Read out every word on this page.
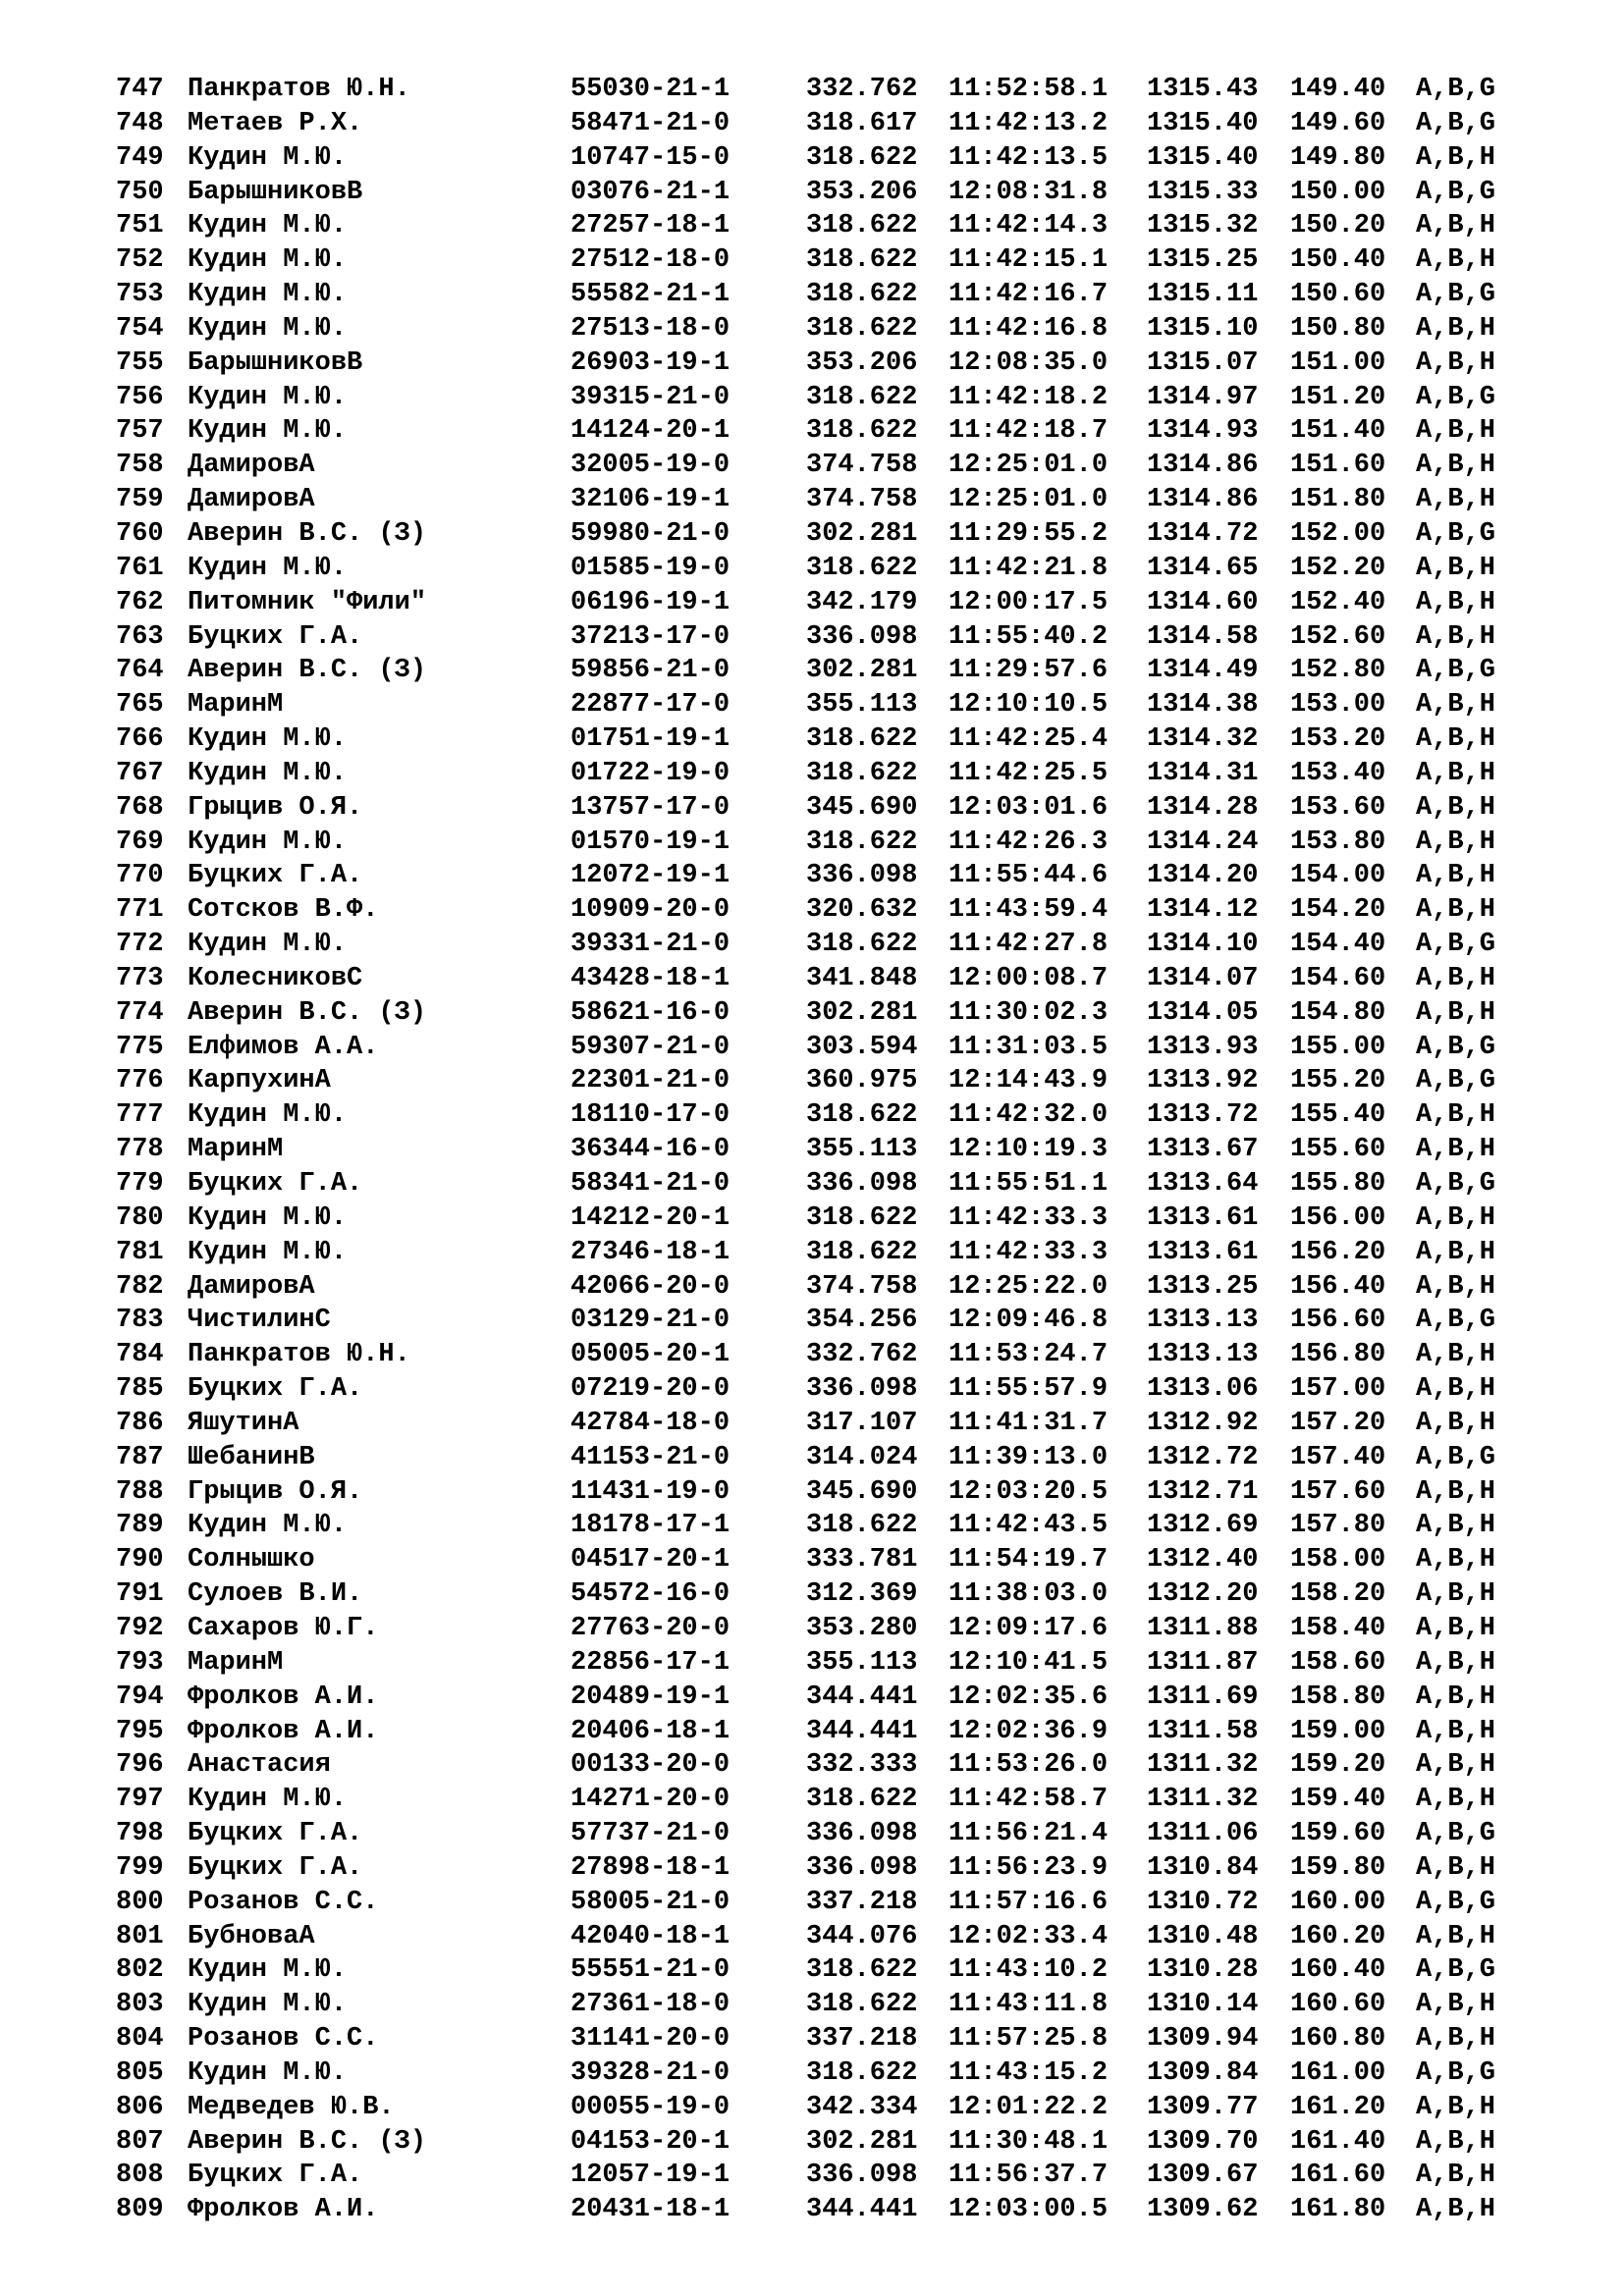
747 Панкратов Ю.Н.	55030-21-1	332.762 11:52:58.1 1315.43 149.40 A,B,G
748 Метаев Р.Х.	58471-21-0	318.617 11:42:13.2 1315.40 149.60 A,B,G
749 Кудин М.Ю.	10747-15-0	318.622 11:42:13.5 1315.40 149.80 A,B,H
750 БарышниковВ	03076-21-1	353.206 12:08:31.8 1315.33 150.00 A,B,G
751 Кудин М.Ю.	27257-18-1	318.622 11:42:14.3 1315.32 150.20 A,B,H
752 Кудин М.Ю.	27512-18-0	318.622 11:42:15.1 1315.25 150.40 A,B,H
753 Кудин М.Ю.	55582-21-1	318.622 11:42:16.7 1315.11 150.60 A,B,G
754 Кудин М.Ю.	27513-18-0	318.622 11:42:16.8 1315.10 150.80 A,B,H
755 БарышниковВ	26903-19-1	353.206 12:08:35.0 1315.07 151.00 A,B,H
756 Кудин М.Ю.	39315-21-0	318.622 11:42:18.2 1314.97 151.20 A,B,G
757 Кудин М.Ю.	14124-20-1	318.622 11:42:18.7 1314.93 151.40 A,B,H
758 ДамировА	32005-19-0	374.758 12:25:01.0 1314.86 151.60 A,B,H
759 ДамировА	32106-19-1	374.758 12:25:01.0 1314.86 151.80 A,B,H
760 Аверин В.С. (З)	59980-21-0	302.281 11:29:55.2 1314.72 152.00 A,B,G
761 Кудин М.Ю.	01585-19-0	318.622 11:42:21.8 1314.65 152.20 A,B,H
762 Питомник "Фили"	06196-19-1	342.179 12:00:17.5 1314.60 152.40 A,B,H
763 Буцких Г.А.	37213-17-0	336.098 11:55:40.2 1314.58 152.60 A,B,H
764 Аверин В.С. (З)	59856-21-0	302.281 11:29:57.6 1314.49 152.80 A,B,G
765 МаринМ	22877-17-0	355.113 12:10:10.5 1314.38 153.00 A,B,H
766 Кудин М.Ю.	01751-19-1	318.622 11:42:25.4 1314.32 153.20 A,B,H
767 Кудин М.Ю.	01722-19-0	318.622 11:42:25.5 1314.31 153.40 A,B,H
768 Грыцив О.Я.	13757-17-0	345.690 12:03:01.6 1314.28 153.60 A,B,H
769 Кудин М.Ю.	01570-19-1	318.622 11:42:26.3 1314.24 153.80 A,B,H
770 Буцких Г.А.	12072-19-1	336.098 11:55:44.6 1314.20 154.00 A,B,H
771 Сотсков В.Ф.	10909-20-0	320.632 11:43:59.4 1314.12 154.20 A,B,H
772 Кудин М.Ю.	39331-21-0	318.622 11:42:27.8 1314.10 154.40 A,B,G
773 КолесниковС	43428-18-1	341.848 12:00:08.7 1314.07 154.60 A,B,H
774 Аверин В.С. (З)	58621-16-0	302.281 11:30:02.3 1314.05 154.80 A,B,H
775 Елфимов А.А.	59307-21-0	303.594 11:31:03.5 1313.93 155.00 A,B,G
776 КарпухинА	22301-21-0	360.975 12:14:43.9 1313.92 155.20 A,B,G
777 Кудин М.Ю.	18110-17-0	318.622 11:42:32.0 1313.72 155.40 A,B,H
778 МаринМ	36344-16-0	355.113 12:10:19.3 1313.67 155.60 A,B,H
779 Буцких Г.А.	58341-21-0	336.098 11:55:51.1 1313.64 155.80 A,B,G
780 Кудин М.Ю.	14212-20-1	318.622 11:42:33.3 1313.61 156.00 A,B,H
781 Кудин М.Ю.	27346-18-1	318.622 11:42:33.3 1313.61 156.20 A,B,H
782 ДамировА	42066-20-0	374.758 12:25:22.0 1313.25 156.40 A,B,H
783 ЧистилинС	03129-21-0	354.256 12:09:46.8 1313.13 156.60 A,B,G
784 Панкратов Ю.Н.	05005-20-1	332.762 11:53:24.7 1313.13 156.80 A,B,H
785 Буцких Г.А.	07219-20-0	336.098 11:55:57.9 1313.06 157.00 A,B,H
786 ЯшутинА	42784-18-0	317.107 11:41:31.7 1312.92 157.20 A,B,H
787 ШебанинВ	41153-21-0	314.024 11:39:13.0 1312.72 157.40 A,B,G
788 Грыцив О.Я.	11431-19-0	345.690 12:03:20.5 1312.71 157.60 A,B,H
789 Кудин М.Ю.	18178-17-1	318.622 11:42:43.5 1312.69 157.80 A,B,H
790 Солнышко	04517-20-1	333.781 11:54:19.7 1312.40 158.00 A,B,H
791 Сулоев В.И.	54572-16-0	312.369 11:38:03.0 1312.20 158.20 A,B,H
792 Сахаров Ю.Г.	27763-20-0	353.280 12:09:17.6 1311.88 158.40 A,B,H
793 МаринМ	22856-17-1	355.113 12:10:41.5 1311.87 158.60 A,B,H
794 Фролков А.И.	20489-19-1	344.441 12:02:35.6 1311.69 158.80 A,B,H
795 Фролков А.И.	20406-18-1	344.441 12:02:36.9 1311.58 159.00 A,B,H
796 Анастасия	00133-20-0	332.333 11:53:26.0 1311.32 159.20 A,B,H
797 Кудин М.Ю.	14271-20-0	318.622 11:42:58.7 1311.32 159.40 A,B,H
798 Буцких Г.А.	57737-21-0	336.098 11:56:21.4 1311.06 159.60 A,B,G
799 Буцких Г.А.	27898-18-1	336.098 11:56:23.9 1310.84 159.80 A,B,H
800 Розанов С.С.	58005-21-0	337.218 11:57:16.6 1310.72 160.00 A,B,G
801 БубноваА	42040-18-1	344.076 12:02:33.4 1310.48 160.20 A,B,H
802 Кудин М.Ю.	55551-21-0	318.622 11:43:10.2 1310.28 160.40 A,B,G
803 Кудин М.Ю.	27361-18-0	318.622 11:43:11.8 1310.14 160.60 A,B,H
804 Розанов С.С.	31141-20-0	337.218 11:57:25.8 1309.94 160.80 A,B,H
805 Кудин М.Ю.	39328-21-0	318.622 11:43:15.2 1309.84 161.00 A,B,G
806 Медведев Ю.В.	00055-19-0	342.334 12:01:22.2 1309.77 161.20 A,B,H
807 Аверин В.С. (З)	04153-20-1	302.281 11:30:48.1 1309.70 161.40 A,B,H
808 Буцких Г.А.	12057-19-1	336.098 11:56:37.7 1309.67 161.60 A,B,H
809 Фролков А.И.	20431-18-1	344.441 12:03:00.5 1309.62 161.80 A,B,H
